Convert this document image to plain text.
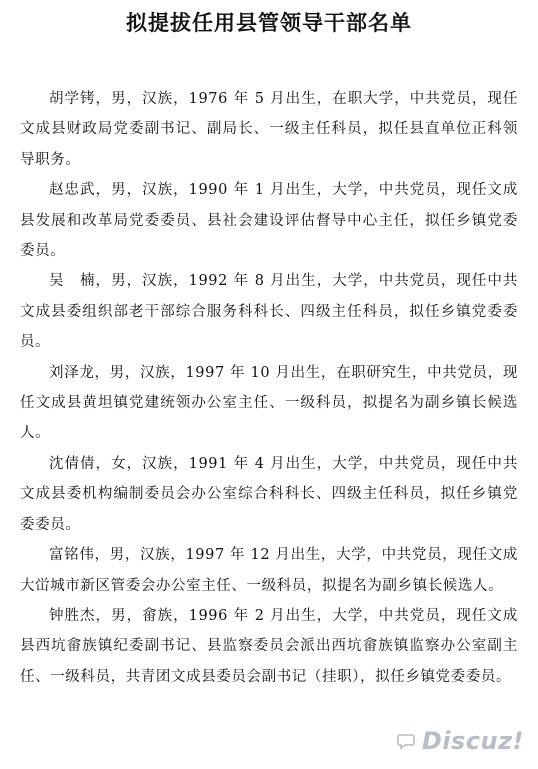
拟提拔任用县管领导干部名单

胡学铐，男，汉族，1976 年 5 月出生，在职大学，中共党员，现任文成县财政局党委副书记、副局长、一级主任科员，拟任县直单位正科领导职务。

赵忠武，男，汉族，1990 年 1 月出生，大学，中共党员，现任文成县发展和改革局党委委员、县社会建设评估督导中心主任，拟任乡镇党委委员。

吴　楠，男，汉族，1992 年 8 月出生，大学，中共党员，现任中共文成县委组织部老干部综合服务科科长、四级主任科员，拟任乡镇党委委员。

刘泽龙，男，汉族，1997 年 10 月出生，在职研究生，中共党员，现任文成县黄坦镇党建统领办公室主任、一级科员，拟提名为副乡镇长候选人。

沈倩倩，女，汉族，1991 年 4 月出生，大学，中共党员，现任中共文成县委机构编制委员会办公室综合科科长、四级主任科员，拟任乡镇党委委员。

富铭伟，男，汉族，1997 年 12 月出生，大学，中共党员，现任文成大峃城市新区管委会办公室主任、一级科员，拟提名为副乡镇长候选人。

钟胜杰，男，畲族，1996 年 2 月出生，大学，中共党员，现任文成县西坑畲族镇纪委副书记、县监察委员会派出西坑畲族镇监察办公室副主任、一级科员，共青团文成县委员会副书记（挂职），拟任乡镇党委委员。

Discuz!
